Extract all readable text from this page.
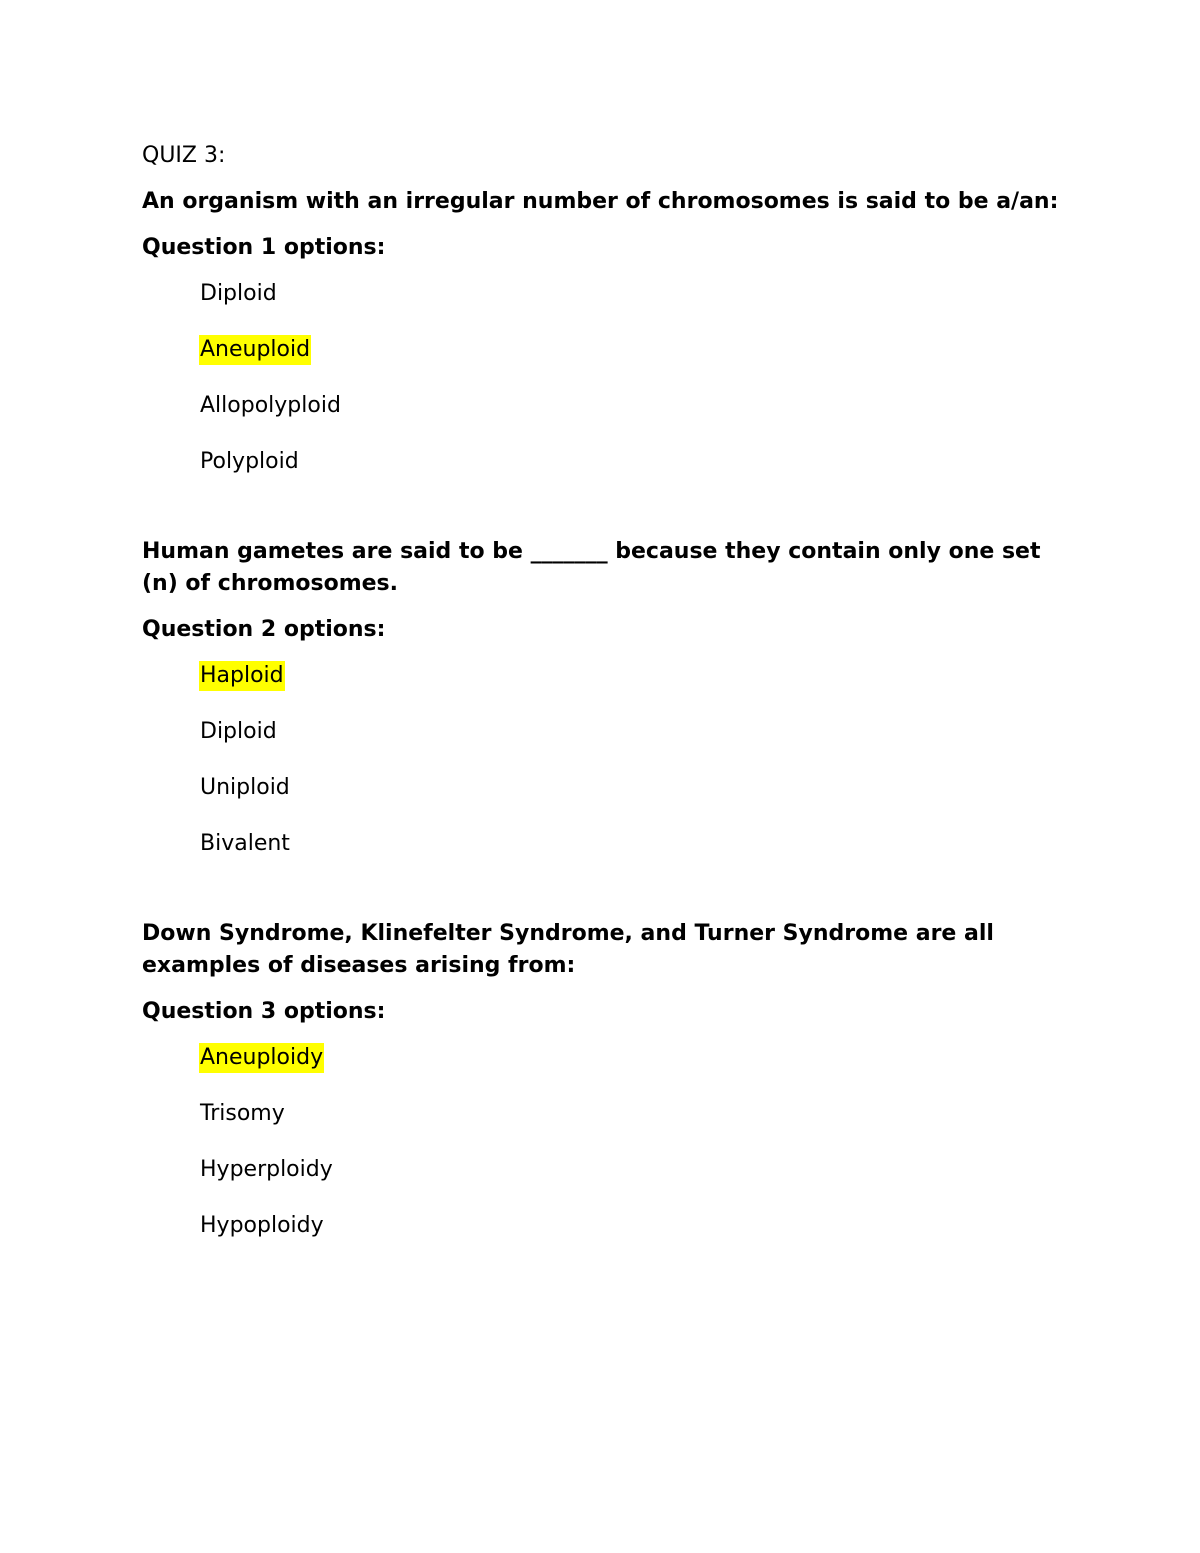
QUIZ 3:
An organism with an irregular number of chromosomes is said to be a/an:
Question 1 options:
Diploid
Aneuploid
Allopolyploid
Polyploid
Human gametes are said to be _______ because they contain only one set (n) of chromosomes.
Question 2 options:
Haploid
Diploid
Uniploid
Bivalent
Down Syndrome, Klinefelter Syndrome, and Turner Syndrome are all examples of diseases arising from:
Question 3 options:
Aneuploidy
Trisomy
Hyperploidy
Hypoploidy
